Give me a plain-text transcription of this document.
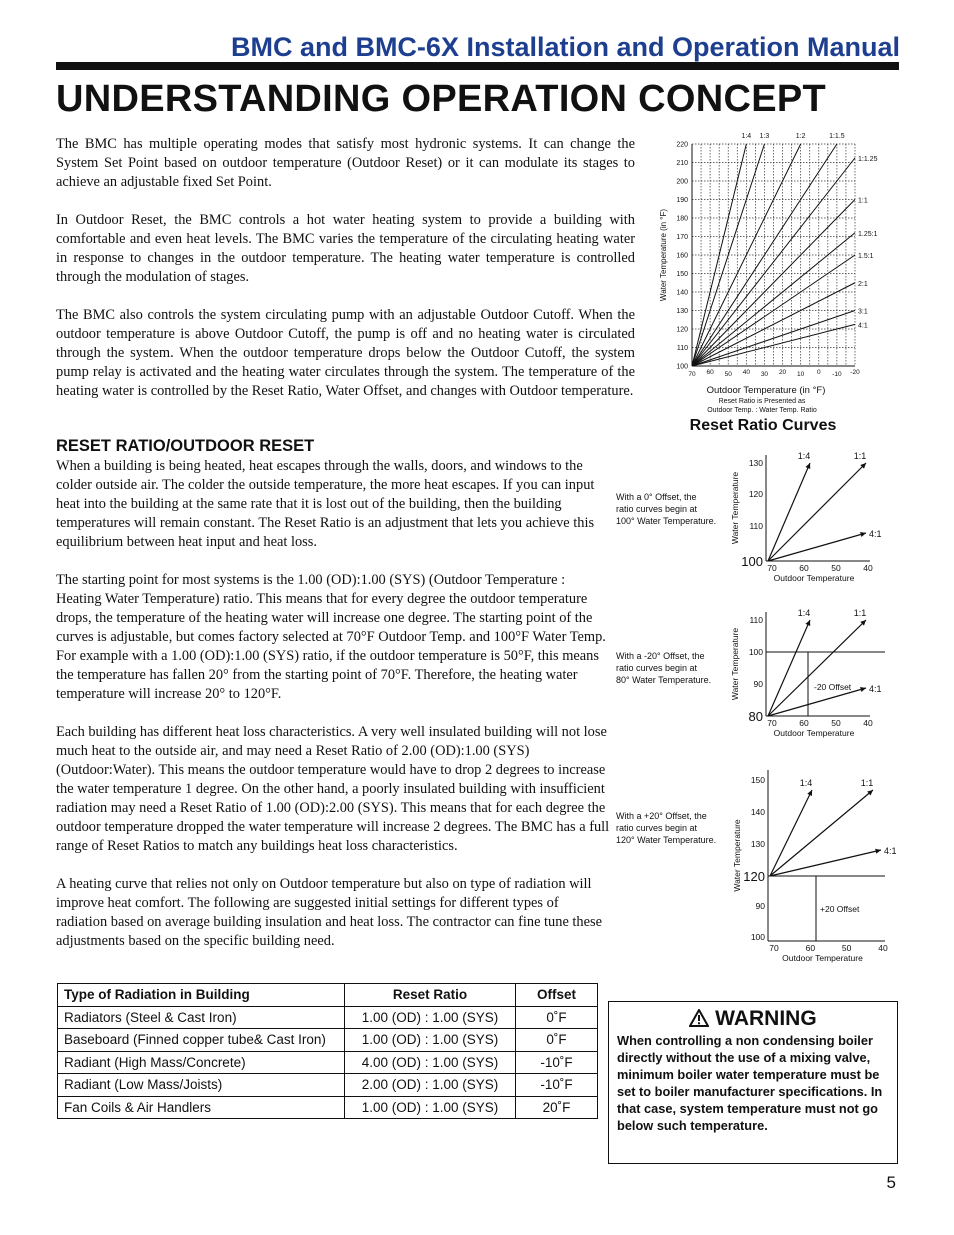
BMC and BMC-6X Installation and Operation Manual
UNDERSTANDING OPERATION CONCEPT

The BMC has multiple operating modes that satisfy most hydronic systems. It can change the System Set Point based on outdoor temperature (Outdoor Reset) or it can modulate its stages to achieve an adjustable fixed Set Point.

In Outdoor Reset, the BMC controls a hot water heating system to provide a building with comfortable and even heat levels. The BMC varies the temperature of the circulating heating water in response to changes in the outdoor temperature. The heating water temperature is controlled through the modulation of stages.

The BMC also controls the system circulating pump with an adjustable Outdoor Cutoff. When the outdoor temperature is above Outdoor Cutoff, the pump is off and no heating water is circulated through the system. When the outdoor temperature drops below the Outdoor Cutoff, the system pump relay is activated and the heating water circulates through the system. The temperature of the heating water is controlled by the Reset Ratio, Water Offset, and changes with Outdoor temperature.

RESET RATIO/OUTDOOR RESET

When a building is being heated, heat escapes through the walls, doors, and windows to the colder outside air. The colder the outside temperature, the more heat escapes. If you can input heat into the building at the same rate that it is lost out of the building, then the building temperatures will remain constant. The Reset Ratio is an adjustment that lets you achieve this equilibrium between heat input and heat loss.

The starting point for most systems is the 1.00 (OD):1.00 (SYS) (Outdoor Temperature : Heating Water Temperature) ratio. This means that for every degree the outdoor temperature drops, the temperature of the heating water will increase one degree. The starting point of the curves is adjustable, but comes factory selected at 70°F Outdoor Temp. and 100°F Water Temp. For example with a 1.00 (OD):1.00 (SYS) ratio, if the outdoor temperature is 50°F, this means the temperature has fallen 20° from the starting point of 70°F. Therefore, the heating water temperature will increase 20° to 120°F.

Each building has different heat loss characteristics. A very well insulated building will not lose much heat to the outside air, and may need a Reset Ratio of 2.00 (OD):1.00 (SYS) (Outdoor:Water). This means the outdoor temperature would have to drop 2 degrees to increase the water temperature 1 degree. On the other hand, a poorly insulated building with insufficient radiation may need a Reset Ratio of 1.00 (OD):2.00 (SYS). This means that for each degree the outdoor temperature dropped the water temperature will increase 2 degrees. The BMC has a full range of Reset Ratios to match any buildings heat loss characteristics.

A heating curve that relies not only on Outdoor temperature but also on type of radiation will improve heat comfort. The following are suggested initial settings for different types of radiation based on average building insulation and heat loss. The contractor can fine tune these adjustments based on the specific building need.

Type of Radiation in Building	Reset Ratio	Offset
Radiators (Steel & Cast Iron)	1.00 (OD) : 1.00 (SYS)	0˚F
Baseboard (Finned copper tube& Cast Iron)	1.00 (OD) : 1.00 (SYS)	0˚F
Radiant (High Mass/Concrete)	4.00 (OD) : 1.00 (SYS)	-10˚F
Radiant (Low Mass/Joists)	2.00 (OD) : 1.00 (SYS)	-10˚F
Fan Coils & Air Handlers	1.00 (OD) : 1.00 (SYS)	20˚F
WARNING
When controlling a non condensing boiler directly without the use of a mixing valve, minimum boiler water temperature must be set to boiler manufacturer specifications. In that case, system temperature must not go below such temperature.
With a 0° Offset, the
ratio curves begin at
100° Water Temperature.
With a -20° Offset, the
ratio curves begin at
80° Water Temperature.
With a +20° Offset, the
ratio curves begin at
120° Water Temperature.
220
210
200
190
180
170
160
150
140
130
120
110
100
70 60 50 40 30 20 10 0 -10 -20
1:4 1:3	1:2	1:1.5
1:1.25
1:1
1.25:1
1.5:1
2:1
3:1
4:1
Water Temperature (in °F)
Outdoor Temperature (in °F)
Reset Ratio is Presented as
Outdoor Temp. : Water Temp. Ratio
Reset Ratio Curves
70	60	50	40
Outdoor Temperature
Water Temperature
130
120
110
100
1:4	1:1
4:1
70	60	50	40
Outdoor Temperature
Water Temperature
110
100
90
80
1:4	1:1
4:1
-20 Offset
70	60	50	40
Outdoor Temperature
Water Temperature
150
140
130
90
100
120
1:4	1:1
4:1
+20 Offset
5
